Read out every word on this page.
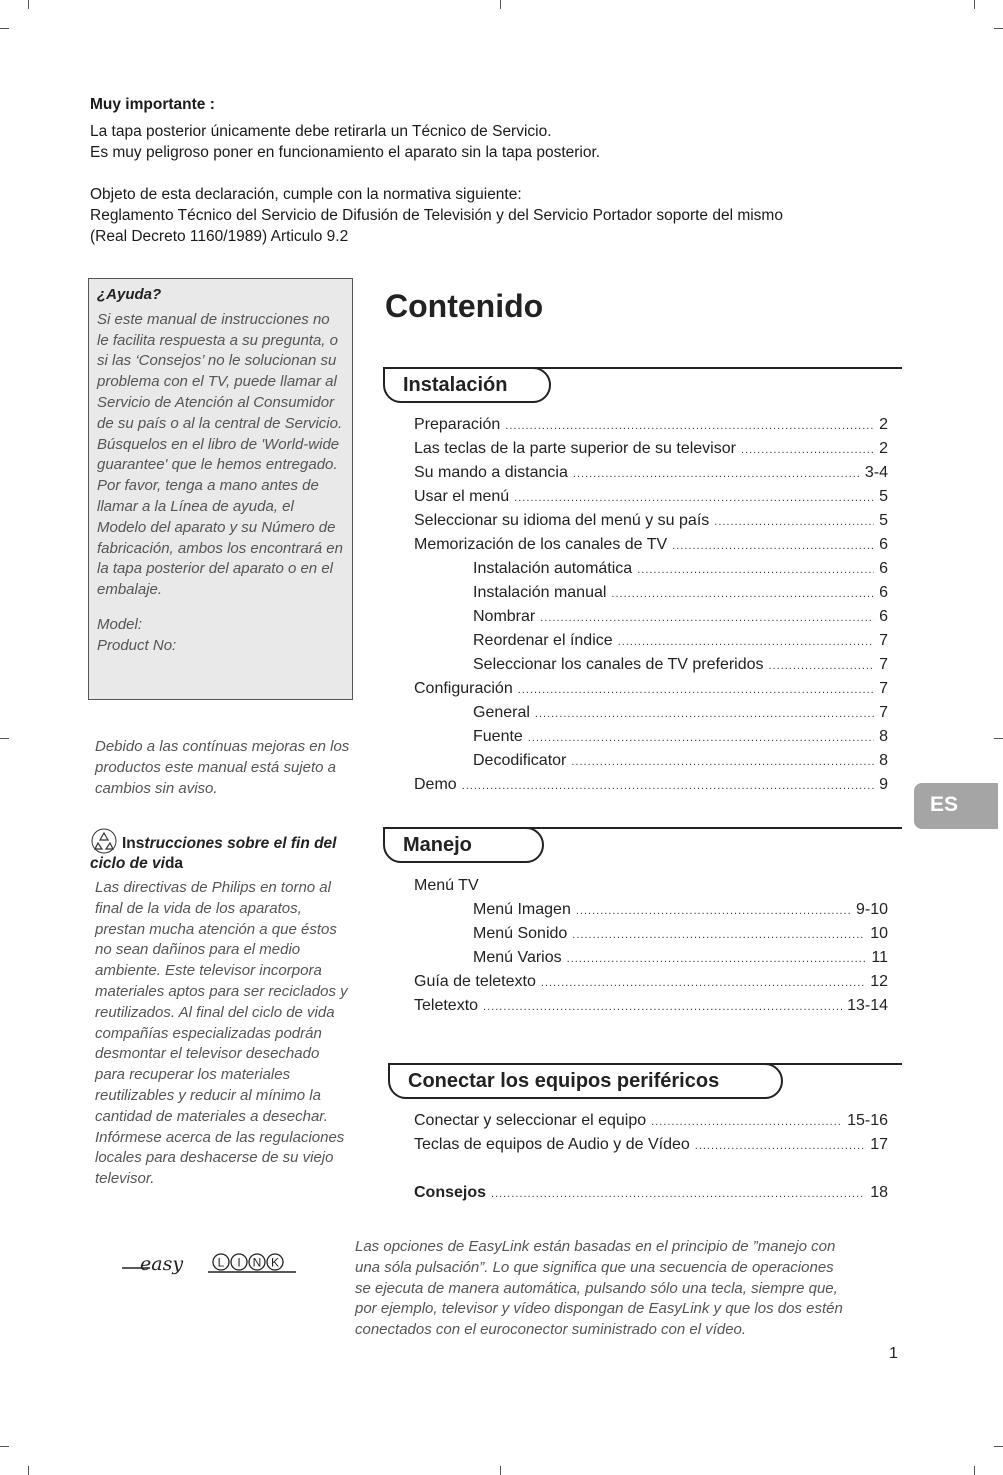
Muy importante :
La tapa posterior únicamente debe retirarla un Técnico de Servicio.
Es muy peligroso poner en funcionamiento el aparato sin la tapa posterior.
Objeto de esta declaración, cumple con la normativa siguiente:
Reglamento Técnico del Servicio de Difusión de Televisión y del Servicio Portador soporte del mismo
(Real Decreto 1160/1989) Articulo 9.2
¿Ayuda?
Si este manual de instrucciones no le facilita respuesta a su pregunta, o si las ‘Consejos’ no le solucionan su problema con el TV, puede llamar al Servicio de Atención al Consumidor de su país o al la central de Servicio. Búsquelos en el libro de 'World-wide guarantee' que le hemos entregado. Por favor, tenga a mano antes de llamar a la Línea de ayuda, el Modelo del aparato y su Número de fabricación, ambos los encontrará en la tapa posterior del aparato o en el embalaje.
Model:
Product No:
Debido a las contínuas mejoras en los productos este manual está sujeto a cambios sin aviso.
Instrucciones sobre el fin del ciclo de vida
Las directivas de Philips en torno al final de la vida de los aparatos, prestan mucha atención a que éstos no sean dañinos para el medio ambiente. Este televisor incorpora materiales aptos para ser reciclados y reutilizados. Al final del ciclo de vida compañías especializadas podrán desmontar el televisor desechado para recuperar los materiales reutilizables y reducir al mínimo la cantidad de materiales a desechar. Infórmese acerca de las regulaciones locales para deshacerse de su viejo televisor.
easy	L I N K
Contenido
Instalación
Preparación .....	2
Las teclas de la parte superior de su televisor .....	2
Su mando a distancia .....	3-4
Usar el menú .....	5
Seleccionar su idioma del menú y su país .....	5
Memorización de los canales de TV .....	6
Instalación automática .....	6
Instalación manual .....	6
Nombrar .....	6
Reordenar el índice .....	7
Seleccionar los canales de TV preferidos .....	7
Configuración .....	7
General .....	7
Fuente .....	8
Decodificator .....	8
Demo .....	9
Manejo
Menú TV
Menú Imagen .....	9-10
Menú Sonido .....	10
Menú Varios .....	11
Guía de teletexto .....	12
Teletexto .....	13-14
Conectar los equipos periféricos
Conectar y seleccionar el equipo .....	15-16
Teclas de equipos de Audio y de Vídeo .....	17
Consejos .....	18
ES
Las opciones de EasyLink están basadas en el principio de ”manejo con una sóla pulsación”. Lo que significa que una secuencia de operaciones se ejecuta de manera automática, pulsando sólo una tecla, siempre que, por ejemplo, televisor y vídeo dispongan de EasyLink y que los dos estén conectados con el euroconector suministrado con el vídeo.
1
